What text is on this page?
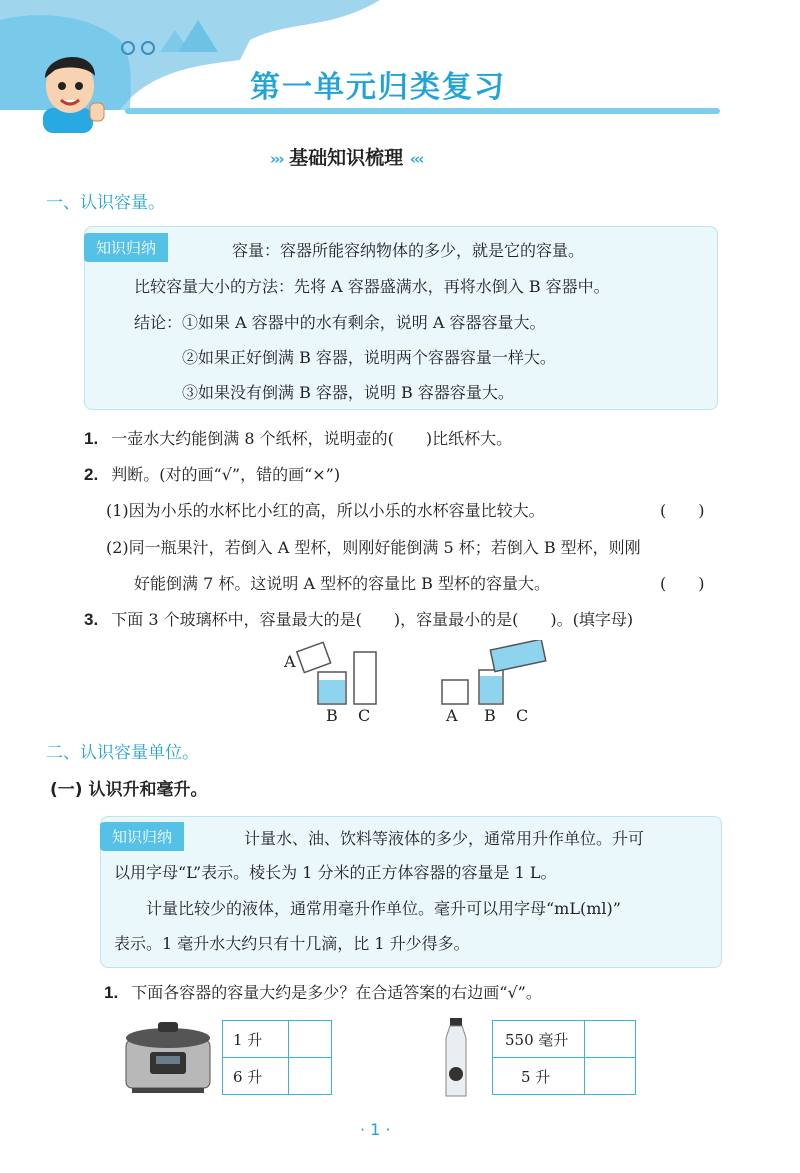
第一单元归类复习
››› 基础知识梳理 ‹‹‹
一、认识容量。
知识归纳	容量：容器所能容纳物体的多少，就是它的容量。
比较容量大小的方法：先将 A 容器盛满水，再将水倒入 B 容器中。
结论：①如果 A 容器中的水有剩余，说明 A 容器容量大。
②如果正好倒满 B 容器，说明两个容器容量一样大。
③如果没有倒满 B 容器，说明 B 容器容量大。
1. 一壶水大约能倒满 8 个纸杯，说明壶的(　　)比纸杯大。
2. 判断。(对的画“√”，错的画“×”)
(1)因为小乐的水杯比小红的高，所以小乐的水杯容量比较大。	(　　)
(2)同一瓶果汁，若倒入 A 型杯，则刚好能倒满 5 杯；若倒入 B 型杯，则刚
好能倒满 7 杯。这说明 A 型杯的容量比 B 型杯的容量大。	(　　)
3. 下面 3 个玻璃杯中，容量最大的是(　　)，容量最小的是(　　)。(填字母)
A
B C	A B C
二、认识容量单位。
(一) 认识升和毫升。
知识归纳	计量水、油、饮料等液体的多少，通常用升作单位。升可
以用字母“L”表示。棱长为 1 分米的正方体容器的容量是 1 L。
计量比较少的液体，通常用毫升作单位。毫升可以用字母“mL(ml)”
表示。1 毫升水大约只有十几滴，比 1 升少得多。
1. 下面各容器的容量大约是多少？在合适答案的右边画“√”。
1 升	
6 升	
550 毫升	
5 升	
· 1 ·
